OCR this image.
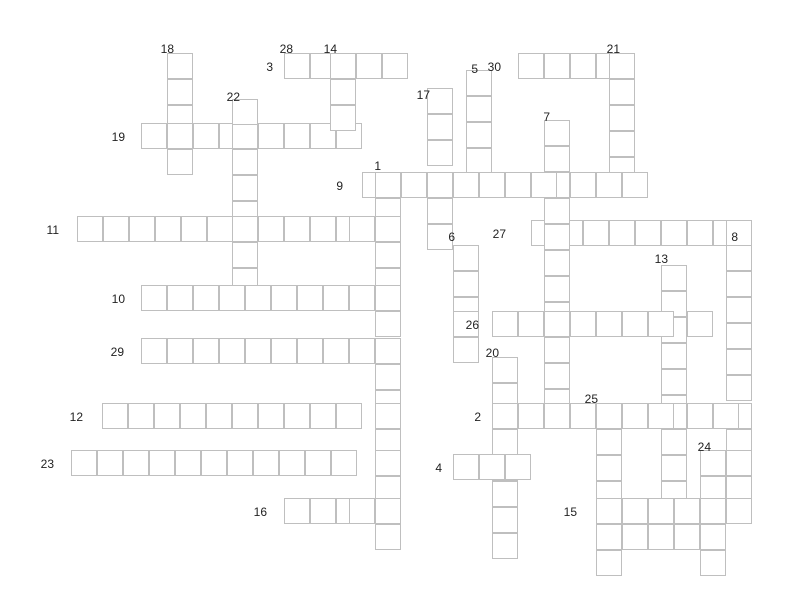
1
2
3
4
5
6
7
8
9
10
11
12
13
14
15
16
17
18
19
20
21
22
23
24
25
26
27
28
29
30
